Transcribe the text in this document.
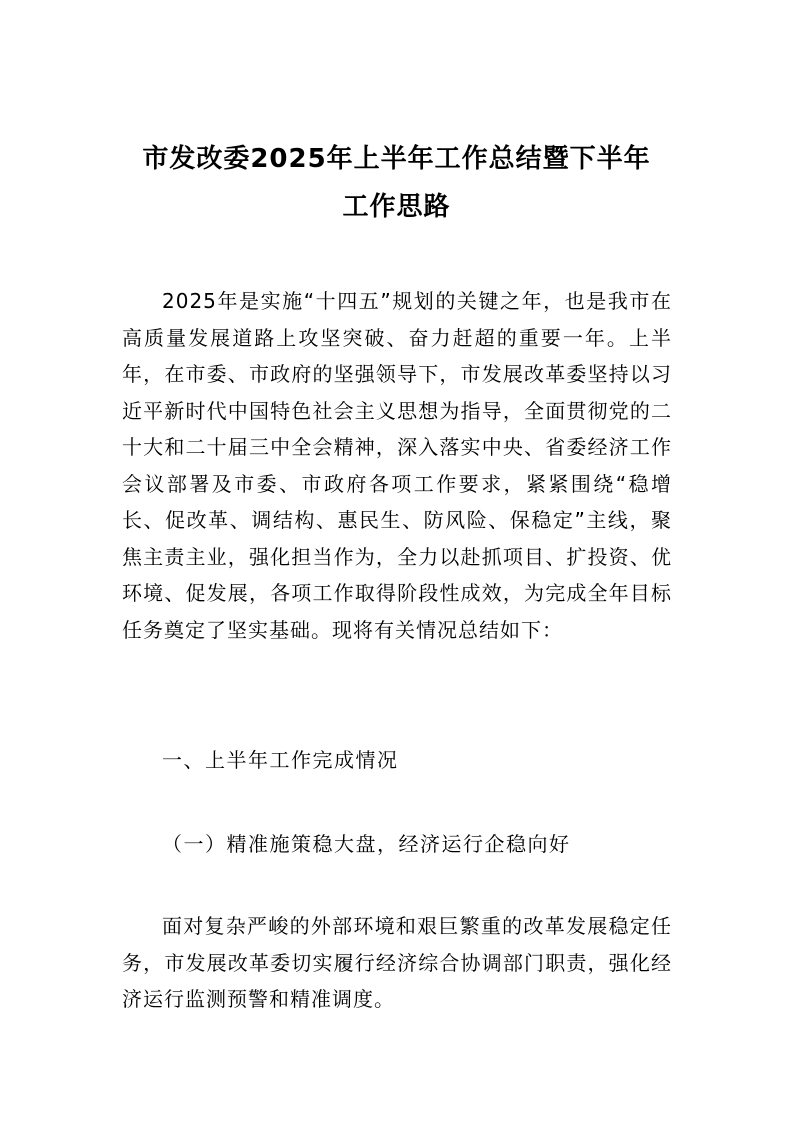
市发改委2025年上半年工作总结暨下半年
工作思路

2025年是实施“十四五”规划的关键之年，也是我市在高质量发展道路上攻坚突破、奋力赶超的重要一年。上半年，在市委、市政府的坚强领导下，市发展改革委坚持以习近平新时代中国特色社会主义思想为指导，全面贯彻党的二十大和二十届三中全会精神，深入落实中央、省委经济工作会议部署及市委、市政府各项工作要求，紧紧围绕“稳增长、促改革、调结构、惠民生、防风险、保稳定”主线，聚焦主责主业，强化担当作为，全力以赴抓项目、扩投资、优环境、促发展，各项工作取得阶段性成效，为完成全年目标任务奠定了坚实基础。现将有关情况总结如下：

一、上半年工作完成情况

（一）精准施策稳大盘，经济运行企稳向好

面对复杂严峻的外部环境和艰巨繁重的改革发展稳定任务，市发展改革委切实履行经济综合协调部门职责，强化经济运行监测预警和精准调度。
